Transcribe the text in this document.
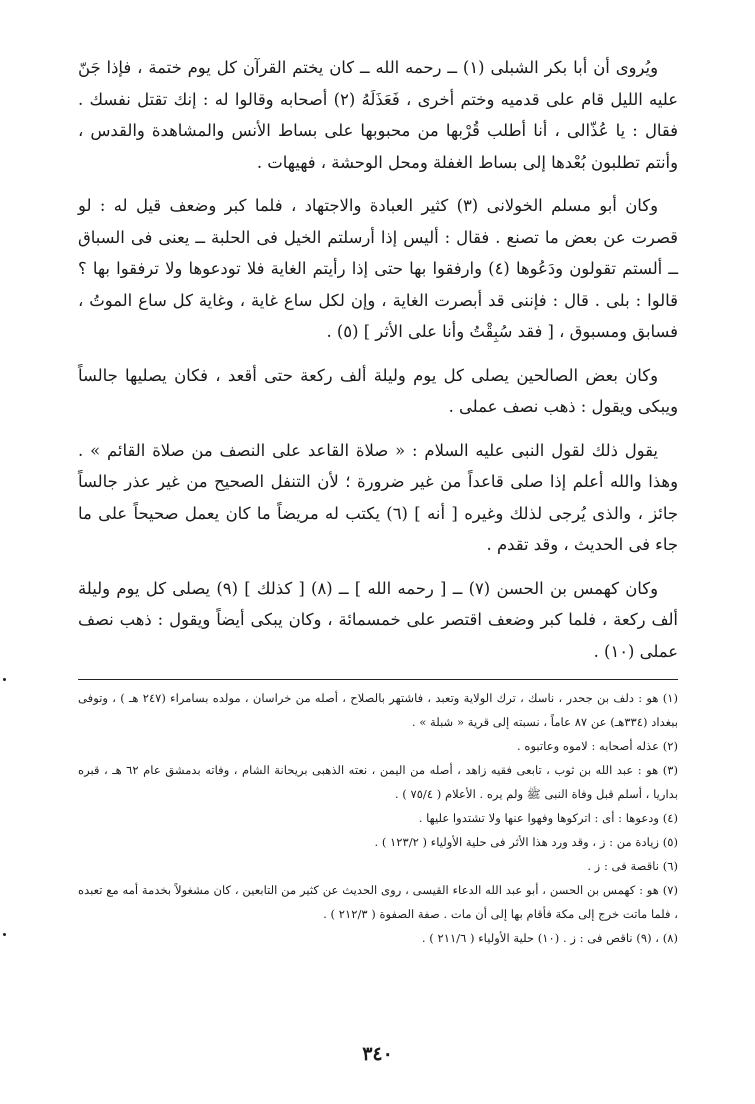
ويُروى أن أبا بكر الشبلى (١) ــ رحمه الله ــ كان يختم القرآن كل يوم ختمة ، فإذا جَنّ عليه الليل قام على قدميه وختم أخرى ، فَعَذَلَهُ (٢) أصحابه وقالوا له : إنك تقتل نفسك . فقال : يا عُذّالى ، أنا أطلب قُرْبها من محبوبها على بساط الأنس والمشاهدة والقدس ، وأنتم تطلبون بُعْدها إلى بساط الغفلة ومحل الوحشة ، فهيهات .

وكان أبو مسلم الخولانى (٣) كثير العبادة والاجتهاد ، فلما كبر وضعف قيل له : لو قصرت عن بعض ما تصنع . فقال : أليس إذا أرسلتم الخيل فى الحلبة ــ يعنى فى السباق ــ ألستم تقولون ودَعُوها (٤) وارفقوا بها حتى إذا رأيتم الغاية فلا تودعوها ولا ترفقوا بها ؟ قالوا : بلى . قال : فإننى قد أبصرت الغاية ، وإن لكل ساع غاية ، وغاية كل ساع الموتُ ، فسابق ومسبوق ، [ فقد سُبِقْتُ وأنا على الأثر ] (٥) .

وكان بعض الصالحين يصلى كل يوم وليلة ألف ركعة حتى أقعد ، فكان يصليها جالساً ويبكى ويقول : ذهب نصف عملى .

يقول ذلك لقول النبى عليه السلام : « صلاة القاعد على النصف من صلاة القائم » . وهذا والله أعلم إذا صلى قاعداً من غير ضرورة ؛ لأن التنفل الصحيح من غير عذر جالساً جائز ، والذى يُرجى لذلك وغيره [ أنه ] (٦) يكتب له مريضاً ما كان يعمل صحيحاً على ما جاء فى الحديث ، وقد تقدم .

وكان كهمس بن الحسن (٧) ــ [ رحمه الله ] ــ (٨) [ كذلك ] (٩) يصلى كل يوم وليلة ألف ركعة ، فلما كبر وضعف اقتصر على خمسمائة ، وكان يبكى أيضاً ويقول : ذهب نصف عملى (١٠) .

(١) هو : دلف بن جحدر ، ناسك ، ترك الولاية وتعبد ، فاشتهر بالصلاح ، أصله من خراسان ، مولده بسامراء (٢٤٧ هـ ) ، وتوفى ببغداد (٣٣٤هـ) عن ٨٧ عاماً ، نسبته إلى قرية « شبلة » .

(٢) عذله أصحابه : لاموه وعاتبوه .

(٣) هو : عبد الله بن ثوب ، تابعى فقيه زاهد ، أصله من اليمن ، نعته الذهبى بريحانة الشام ، وفاته بدمشق عام ٦٢ هـ ، قبره بداريا ، أسلم قبل وفاة النبى ﷺ ولم يره . الأعلام ( ٧٥/٤ ) .

(٤) ودعوها : أى : اتركوها وفهوا عنها ولا تشتدوا عليها .

(٥) زيادة من : ز ، وقد ورد هذا الأثر فى حلية الأولياء ( ١٢٣/٢ ) .

(٦) ناقصة فى : ز .

(٧) هو : كهمس بن الحسن ، أبو عبد الله الدعاء القيسى ، روى الحديث عن كثير من التابعين ، كان مشغولاً بخدمة أمه مع تعبده ، فلما ماتت خرج إلى مكة فأقام بها إلى أن مات . صفة الصفوة ( ٢١٢/٣ ) .

(٨) ، (٩) ناقص فى : ز . (١٠) حلية الأولياء ( ٢١١/٦ ) .

٣٤٠
